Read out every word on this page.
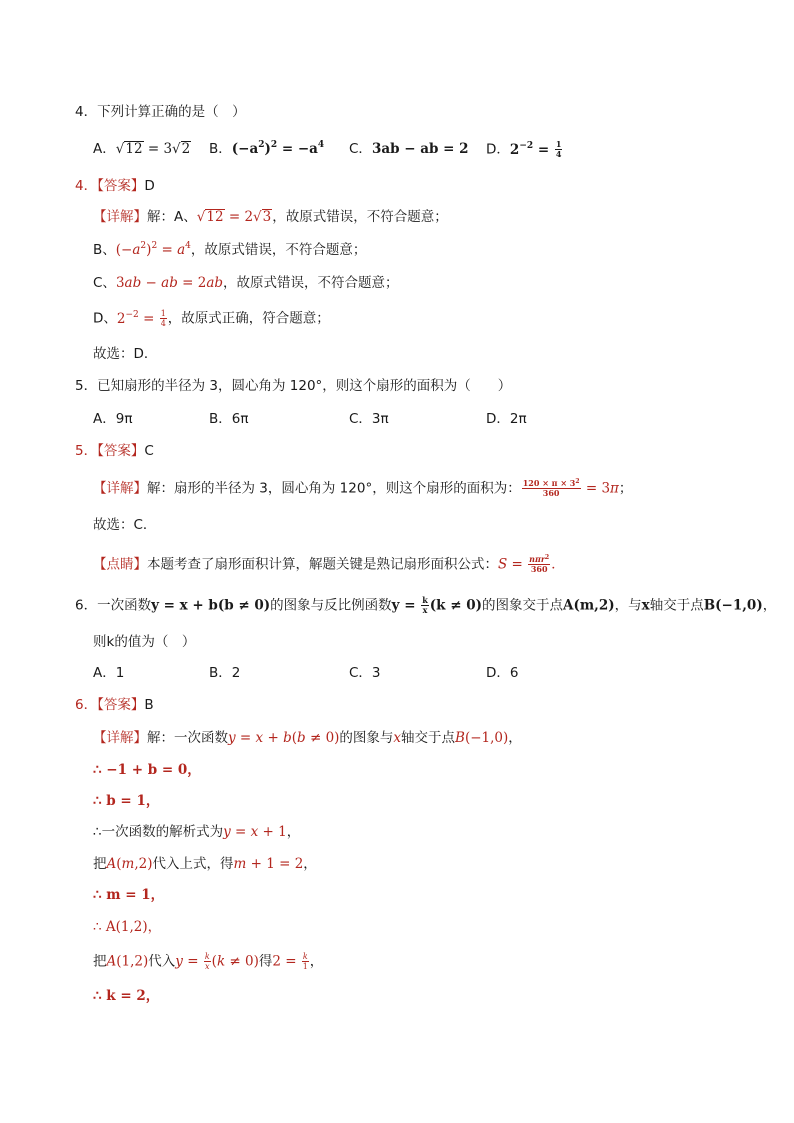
4．下列计算正确的是（　）
A．√12 = 3√2 B．$(-a^2)^2 = -a^4$ C．3ab − ab = 2 D．$2^{-2} = \frac{1}{4}$
4．【答案】D
【详解】解：A、√12 = 2√3，故原式错误，不符合题意；
B、$(-a^2)^2 = a^4$，故原式错误，不符合题意；
C、3ab − ab = 2ab，故原式错误，不符合题意；
D、$2^{-2} = \frac{1}{4}$ ，故原式正确，符合题意；
故选：D．
5．已知扇形的半径为 3，圆心角为 120°，则这个扇形的面积为（　　）
A．9π	B．6π	C．3π	D．2π
5．【答案】C
【详解】解：扇形的半径为 3，圆心角为 120°，则这个扇形的面积为： $\frac{120 \times \pi \times 3^2}{360} = 3\pi$；
故选：C．
【点睛】本题考查了扇形面积计算，解题关键是熟记扇形面积公式：$S = \frac{n\pi r^2}{360}$ ．
6．一次函数y = x + b(b ≠ 0)的图象与反比例函数$y = \frac{k}{x} (k \ne 0)$的图象交于点A(m,2)，与x轴交于点B(−1,0)，
则k的值为（　）
A．1	B．2	C．3	D．6
6．【答案】B
【详解】解：一次函数y = x + b(b ≠ 0)的图象与x轴交于点B(−1,0)，
∴ −1 + b = 0，
∴ b = 1，
∴一次函数的解析式为y = x + 1，
把A(m,2)代入上式，得m + 1 = 2，
∴ m = 1，
∴ A(1,2)，
把A(1,2)代入$y = \frac{k}{x} (k \ne 0)$得$2 = \frac{k}{1}$ ，
∴ k = 2，
